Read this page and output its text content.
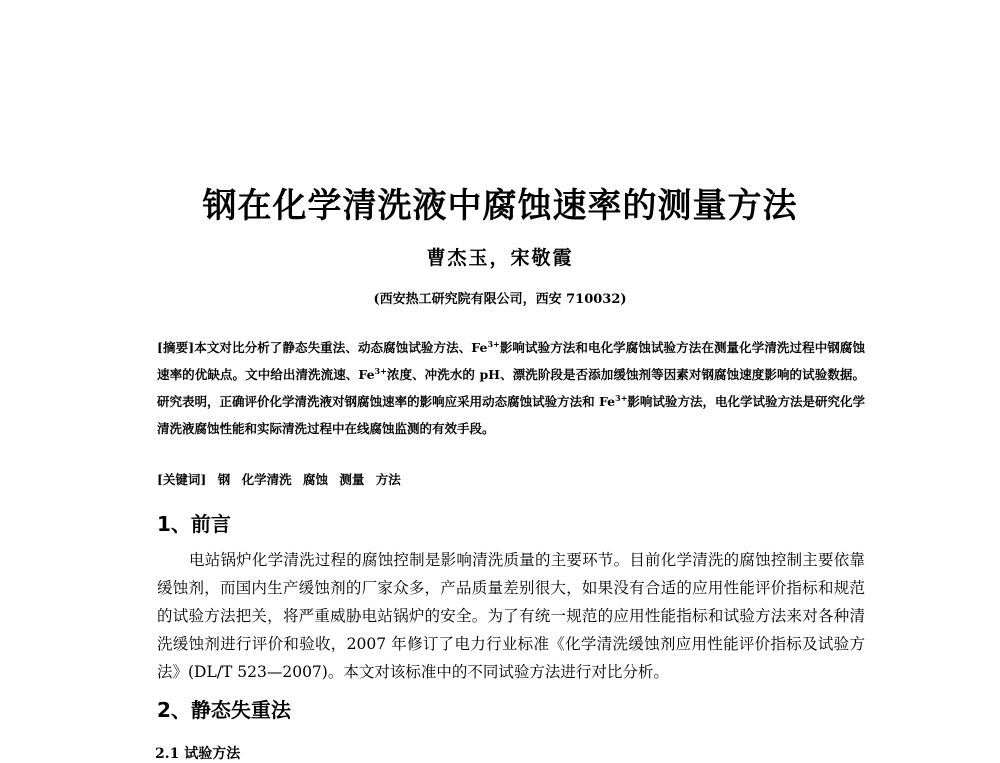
钢在化学清洗液中腐蚀速率的测量方法
曹杰玉，宋敬霞
(西安热工研究院有限公司，西安 710032)
[摘要]本文对比分析了静态失重法、动态腐蚀试验方法、$Fe^{3+}$影响试验方法和电化学腐蚀试验方法在测量化学清洗过程中钢腐蚀速率的优缺点。文中给出清洗流速、$Fe^{3+}$浓度、冲洗水的 pH、漂洗阶段是否添加缓蚀剂等因素对钢腐蚀速度影响的试验数据。研究表明，正确评价化学清洗液对钢腐蚀速率的影响应采用动态腐蚀试验方法和 $Fe^{3+}$影响试验方法，电化学试验方法是研究化学清洗液腐蚀性能和实际清洗过程中在线腐蚀监测的有效手段。
[关键词] 钢 化学清洗 腐蚀 测量 方法
1、前言
电站锅炉化学清洗过程的腐蚀控制是影响清洗质量的主要环节。目前化学清洗的腐蚀控制主要依靠缓蚀剂，而国内生产缓蚀剂的厂家众多，产品质量差别很大，如果没有合适的应用性能评价指标和规范的试验方法把关，将严重威胁电站锅炉的安全。为了有统一规范的应用性能指标和试验方法来对各种清洗缓蚀剂进行评价和验收，2007 年修订了电力行业标准《化学清洗缓蚀剂应用性能评价指标及试验方法》(DL/T 523—2007)。本文对该标准中的不同试验方法进行对比分析。
2、静态失重法
2.1 试验方法
